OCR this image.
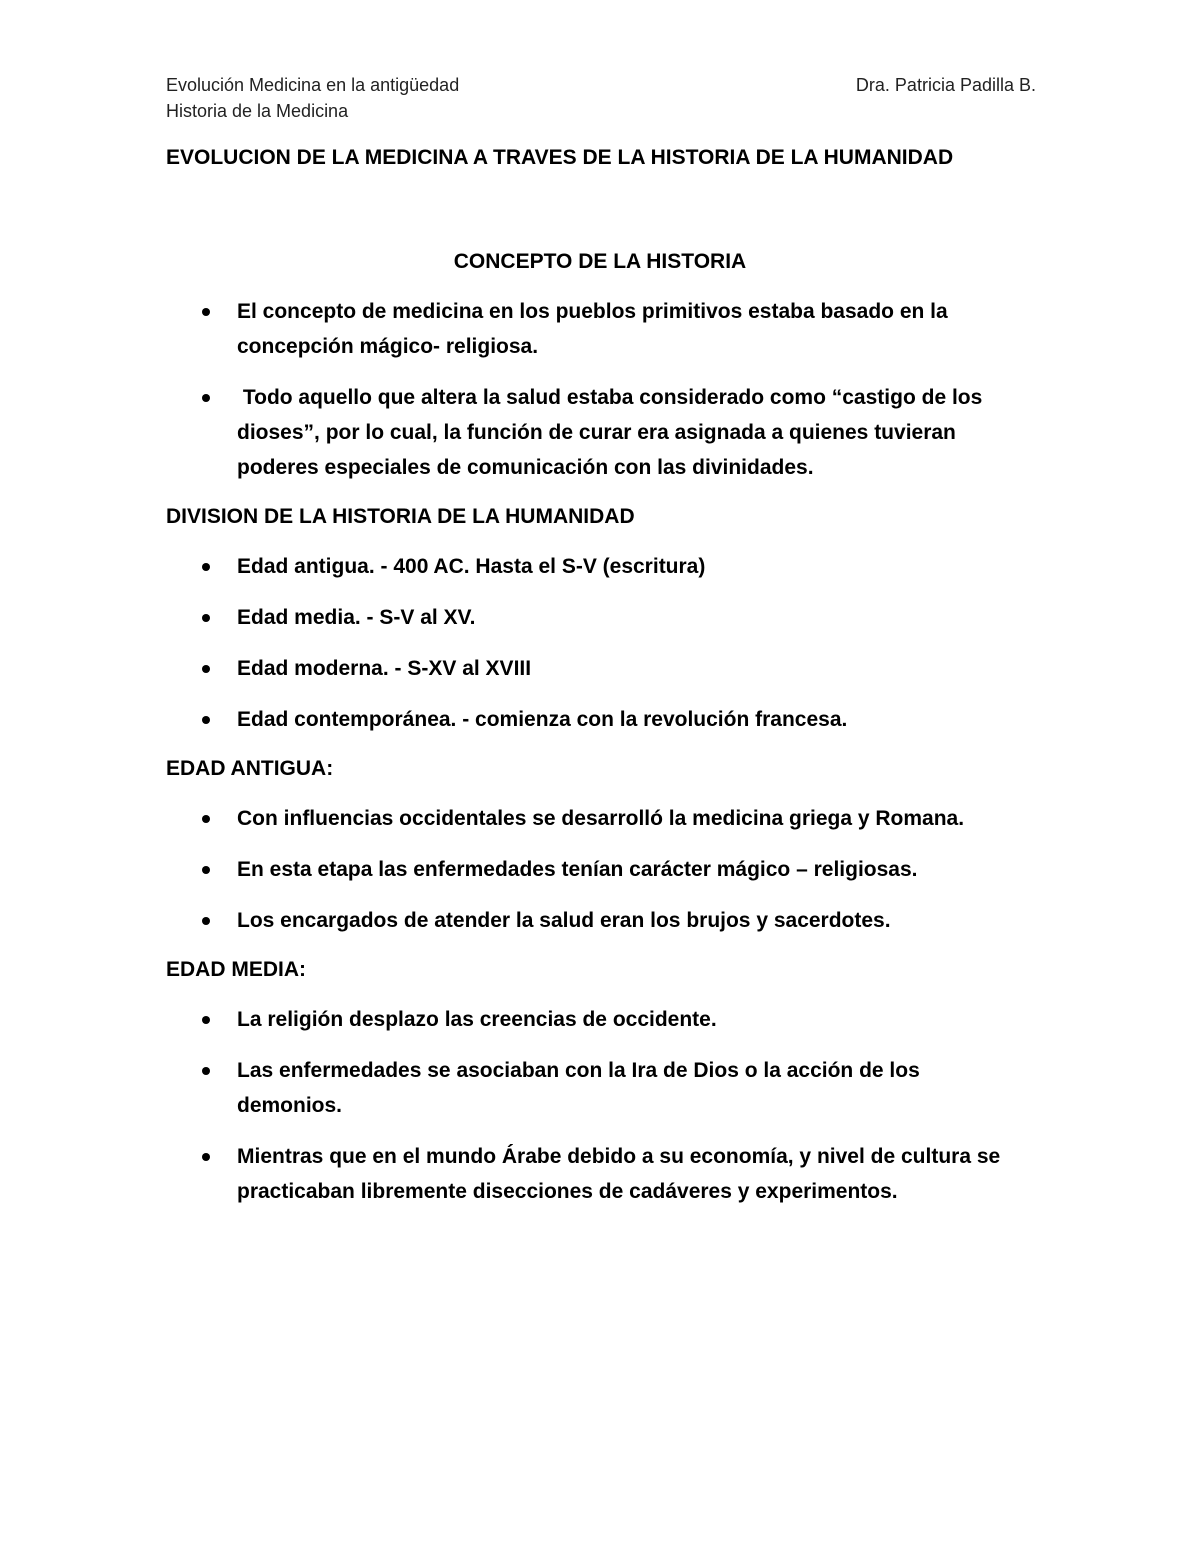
Evolución Medicina en la antigüedad	Dra. Patricia Padilla B.
Historia de la Medicina
EVOLUCION DE LA MEDICINA A TRAVES DE LA HISTORIA DE LA HUMANIDAD
CONCEPTO DE LA HISTORIA
El concepto de medicina en los pueblos primitivos estaba basado en la concepción mágico- religiosa.
Todo aquello que altera la salud estaba considerado como “castigo de los dioses”, por lo cual, la función de curar era asignada a quienes tuvieran poderes especiales de comunicación con las divinidades.
DIVISION DE LA HISTORIA DE LA HUMANIDAD
Edad antigua. - 400 AC. Hasta el S-V (escritura)
Edad media. - S-V al XV.
Edad moderna. - S-XV al XVIII
Edad contemporánea. - comienza con la revolución francesa.
EDAD ANTIGUA:
Con influencias occidentales se desarrolló la medicina griega y Romana.
En esta etapa las enfermedades tenían carácter mágico – religiosas.
Los encargados de atender la salud eran los brujos y sacerdotes.
EDAD MEDIA:
La religión desplazo las creencias de occidente.
Las enfermedades se asociaban con la Ira de Dios o la acción de los demonios.
Mientras que en el mundo Árabe debido a su economía, y nivel de cultura se practicaban libremente disecciones de cadáveres y experimentos.
